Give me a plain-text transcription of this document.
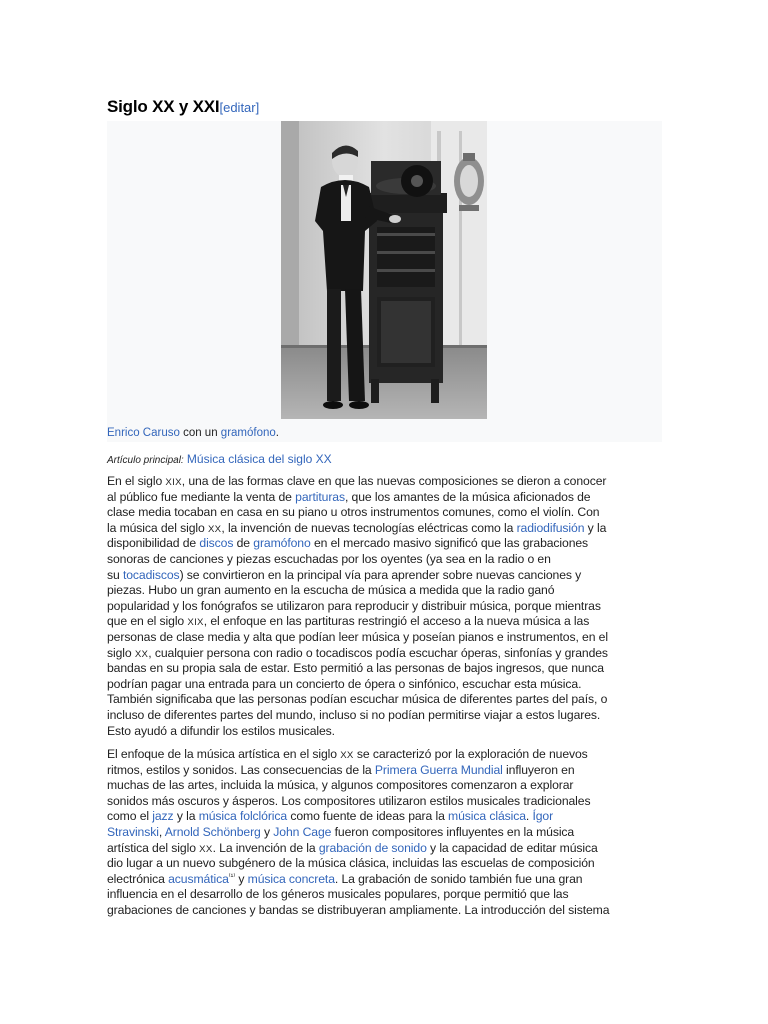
Siglo XX y XXI[editar]
Enrico Caruso con un gramófono.
Artículo principal: Música clásica del siglo XX
En el siglo XIX, una de las formas clave en que las nuevas composiciones se dieron a conocer
al público fue mediante la venta de partituras, que los amantes de la música aficionados de
clase media tocaban en casa en su piano u otros instrumentos comunes, como el violín. Con
la música del siglo XX, la invención de nuevas tecnologías eléctricas como la radiodifusión y la
disponibilidad de discos de gramófono en el mercado masivo significó que las grabaciones
sonoras de canciones y piezas escuchadas por los oyentes (ya sea en la radio o en
su tocadiscos) se convirtieron en la principal vía para aprender sobre nuevas canciones y
piezas. Hubo un gran aumento en la escucha de música a medida que la radio ganó
popularidad y los fonógrafos se utilizaron para reproducir y distribuir música, porque mientras
que en el siglo XIX, el enfoque en las partituras restringió el acceso a la nueva música a las
personas de clase media y alta que podían leer música y poseían pianos e instrumentos, en el
siglo XX, cualquier persona con radio o tocadiscos podía escuchar óperas, sinfonías y grandes
bandas en su propia sala de estar. Esto permitió a las personas de bajos ingresos, que nunca
podrían pagar una entrada para un concierto de ópera o sinfónico, escuchar esta música.
También significaba que las personas podían escuchar música de diferentes partes del país, o
incluso de diferentes partes del mundo, incluso si no podían permitirse viajar a estos lugares.
Esto ayudó a difundir los estilos musicales.
El enfoque de la música artística en el siglo XX se caracterizó por la exploración de nuevos
ritmos, estilos y sonidos. Las consecuencias de la Primera Guerra Mundial influyeron en
muchas de las artes, incluida la música, y algunos compositores comenzaron a explorar
sonidos más oscuros y ásperos. Los compositores utilizaron estilos musicales tradicionales
como el jazz y la música folclórica como fuente de ideas para la música clásica. Ígor
Stravinski, Arnold Schönberg y John Cage fueron compositores influyentes en la música
artística del siglo XX. La invención de la grabación de sonido y la capacidad de editar música
dio lugar a un nuevo subgénero de la música clásica, incluidas las escuelas de composición
electrónica acusmática$^{^{(1)}}$ y música concreta. La grabación de sonido también fue una gran
influencia en el desarrollo de los géneros musicales populares, porque permitió que las
grabaciones de canciones y bandas se distribuyeran ampliamente. La introducción del sistema
